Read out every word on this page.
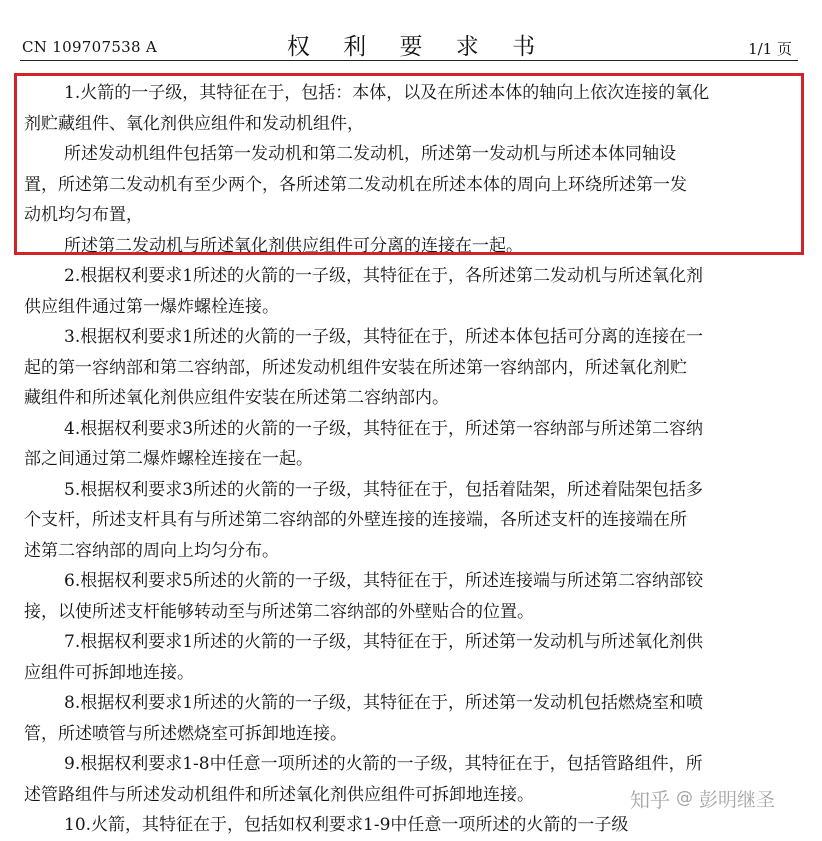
CN 109707538 A	权 利 要 求 书	1/1 页
1.火箭的一子级，其特征在于，包括：本体，以及在所述本体的轴向上依次连接的氧化
剂贮藏组件、氧化剂供应组件和发动机组件，
所述发动机组件包括第一发动机和第二发动机，所述第一发动机与所述本体同轴设
置，所述第二发动机有至少两个，各所述第二发动机在所述本体的周向上环绕所述第一发
动机均匀布置，
所述第二发动机与所述氧化剂供应组件可分离的连接在一起。
2.根据权利要求1所述的火箭的一子级，其特征在于，各所述第二发动机与所述氧化剂
供应组件通过第一爆炸螺栓连接。
3.根据权利要求1所述的火箭的一子级，其特征在于，所述本体包括可分离的连接在一
起的第一容纳部和第二容纳部，所述发动机组件安装在所述第一容纳部内，所述氧化剂贮
藏组件和所述氧化剂供应组件安装在所述第二容纳部内。
4.根据权利要求3所述的火箭的一子级，其特征在于，所述第一容纳部与所述第二容纳
部之间通过第二爆炸螺栓连接在一起。
5.根据权利要求3所述的火箭的一子级，其特征在于，包括着陆架，所述着陆架包括多
个支杆，所述支杆具有与所述第二容纳部的外壁连接的连接端，各所述支杆的连接端在所
述第二容纳部的周向上均匀分布。
6.根据权利要求5所述的火箭的一子级，其特征在于，所述连接端与所述第二容纳部铰
接，以使所述支杆能够转动至与所述第二容纳部的外壁贴合的位置。
7.根据权利要求1所述的火箭的一子级，其特征在于，所述第一发动机与所述氧化剂供
应组件可拆卸地连接。
8.根据权利要求1所述的火箭的一子级，其特征在于，所述第一发动机包括燃烧室和喷
管，所述喷管与所述燃烧室可拆卸地连接。
9.根据权利要求1-8中任意一项所述的火箭的一子级，其特征在于，包括管路组件，所
述管路组件与所述发动机组件和所述氧化剂供应组件可拆卸地连接。
10.火箭，其特征在于，包括如权利要求1-9中任意一项所述的火箭的一子级
知乎 @ 彭明继圣
